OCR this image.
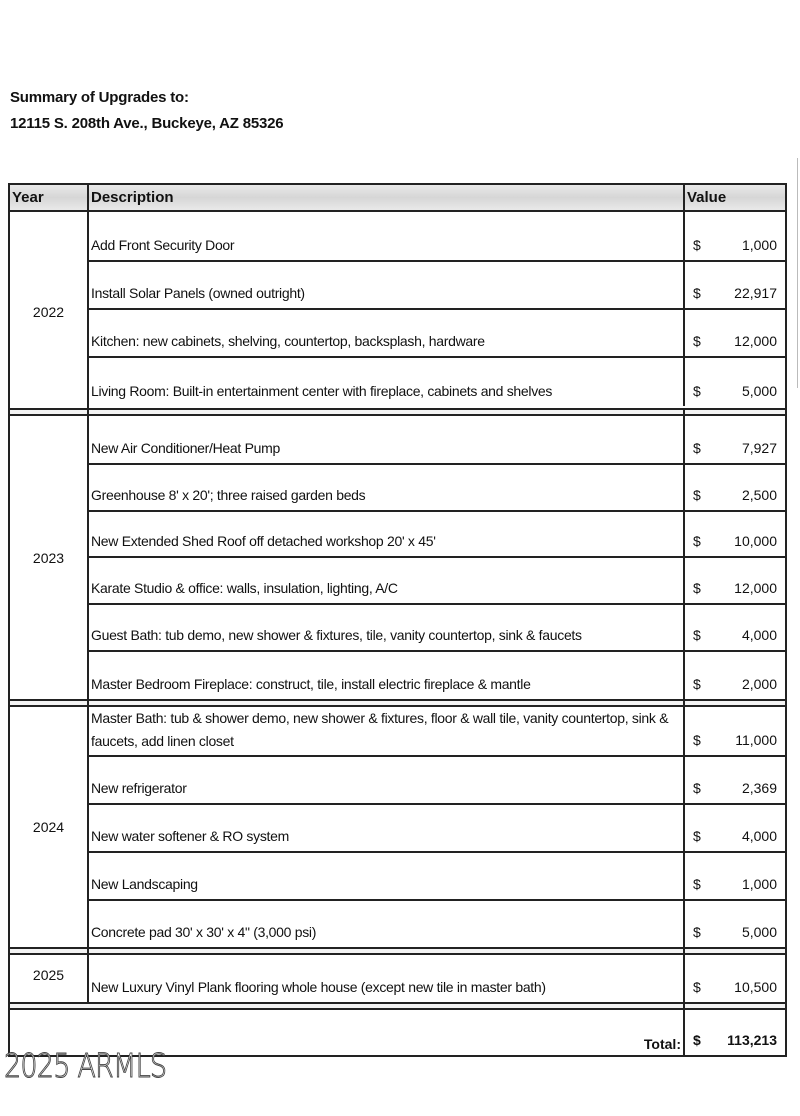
Summary of Upgrades to:
12115 S. 208th Ave., Buckeye, AZ 85326
Year	Description	Value
2022
Add Front Security Door	$	1,000
Install Solar Panels (owned outright)	$ 22,917
Kitchen: new cabinets, shelving, countertop, backsplash, hardware	$ 12,000
Living Room: Built-in entertainment center with fireplace, cabinets and shelves	$	5,000
2023
New Air Conditioner/Heat Pump	$	7,927
Greenhouse 8' x 20'; three raised garden beds	$	2,500
New Extended Shed Roof off detached workshop 20' x 45'	$ 10,000
Karate Studio & office: walls, insulation, lighting, A/C	$ 12,000
Guest Bath: tub demo, new shower & fixtures, tile, vanity countertop, sink & faucets	$	4,000
Master Bedroom Fireplace: construct, tile, install electric fireplace & mantle	$	2,000
2024
Master Bath: tub & shower demo, new shower & fixtures, floor & wall tile, vanity countertop, sink & faucets, add linen closet	$ 11,000
New refrigerator	$	2,369
New water softener & RO system	$	4,000
New Landscaping	$	1,000
Concrete pad 30' x 30' x 4" (3,000 psi)	$	5,000
2025
New Luxury Vinyl Plank flooring whole house (except new tile in master bath)	$ 10,500
Total: $ 113,213
2025 ARMLS
